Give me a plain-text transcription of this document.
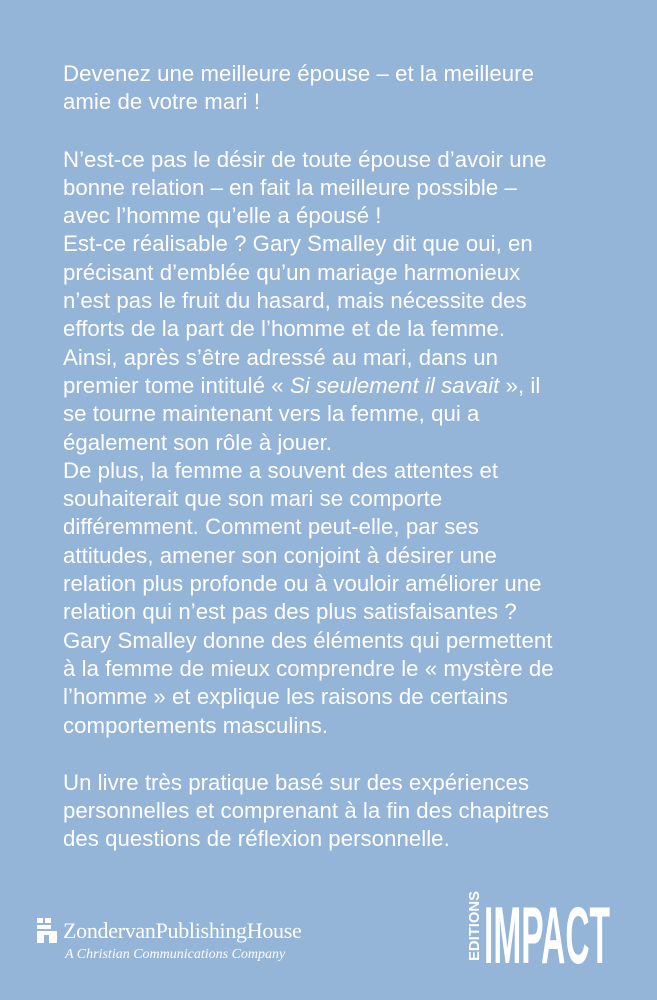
Devenez une meilleure épouse – et la meilleure
amie de votre mari !

N’est-ce pas le désir de toute épouse d’avoir une
bonne relation – en fait la meilleure possible –
avec l’homme qu’elle a épousé !
Est-ce réalisable ? Gary Smalley dit que oui, en
précisant d’emblée qu’un mariage harmonieux
n’est pas le fruit du hasard, mais nécessite des
efforts de la part de l’homme et de la femme.
Ainsi, après s’être adressé au mari, dans un
premier tome intitulé « Si seulement il savait », il
se tourne maintenant vers la femme, qui a
également son rôle à jouer.
De plus, la femme a souvent des attentes et
souhaiterait que son mari se comporte
différemment. Comment peut-elle, par ses
attitudes, amener son conjoint à désirer une
relation plus profonde ou à vouloir améliorer une
relation qui n’est pas des plus satisfaisantes ?
Gary Smalley donne des éléments qui permettent
à la femme de mieux comprendre le « mystère de
l’homme » et explique les raisons de certains
comportements masculins.

Un livre très pratique basé sur des expériences
personnelles et comprenant à la fin des chapitres
des questions de réflexion personnelle.

ZondervanPublishingHouse
A Christian Communications Company	EDITIONS IMPACT
